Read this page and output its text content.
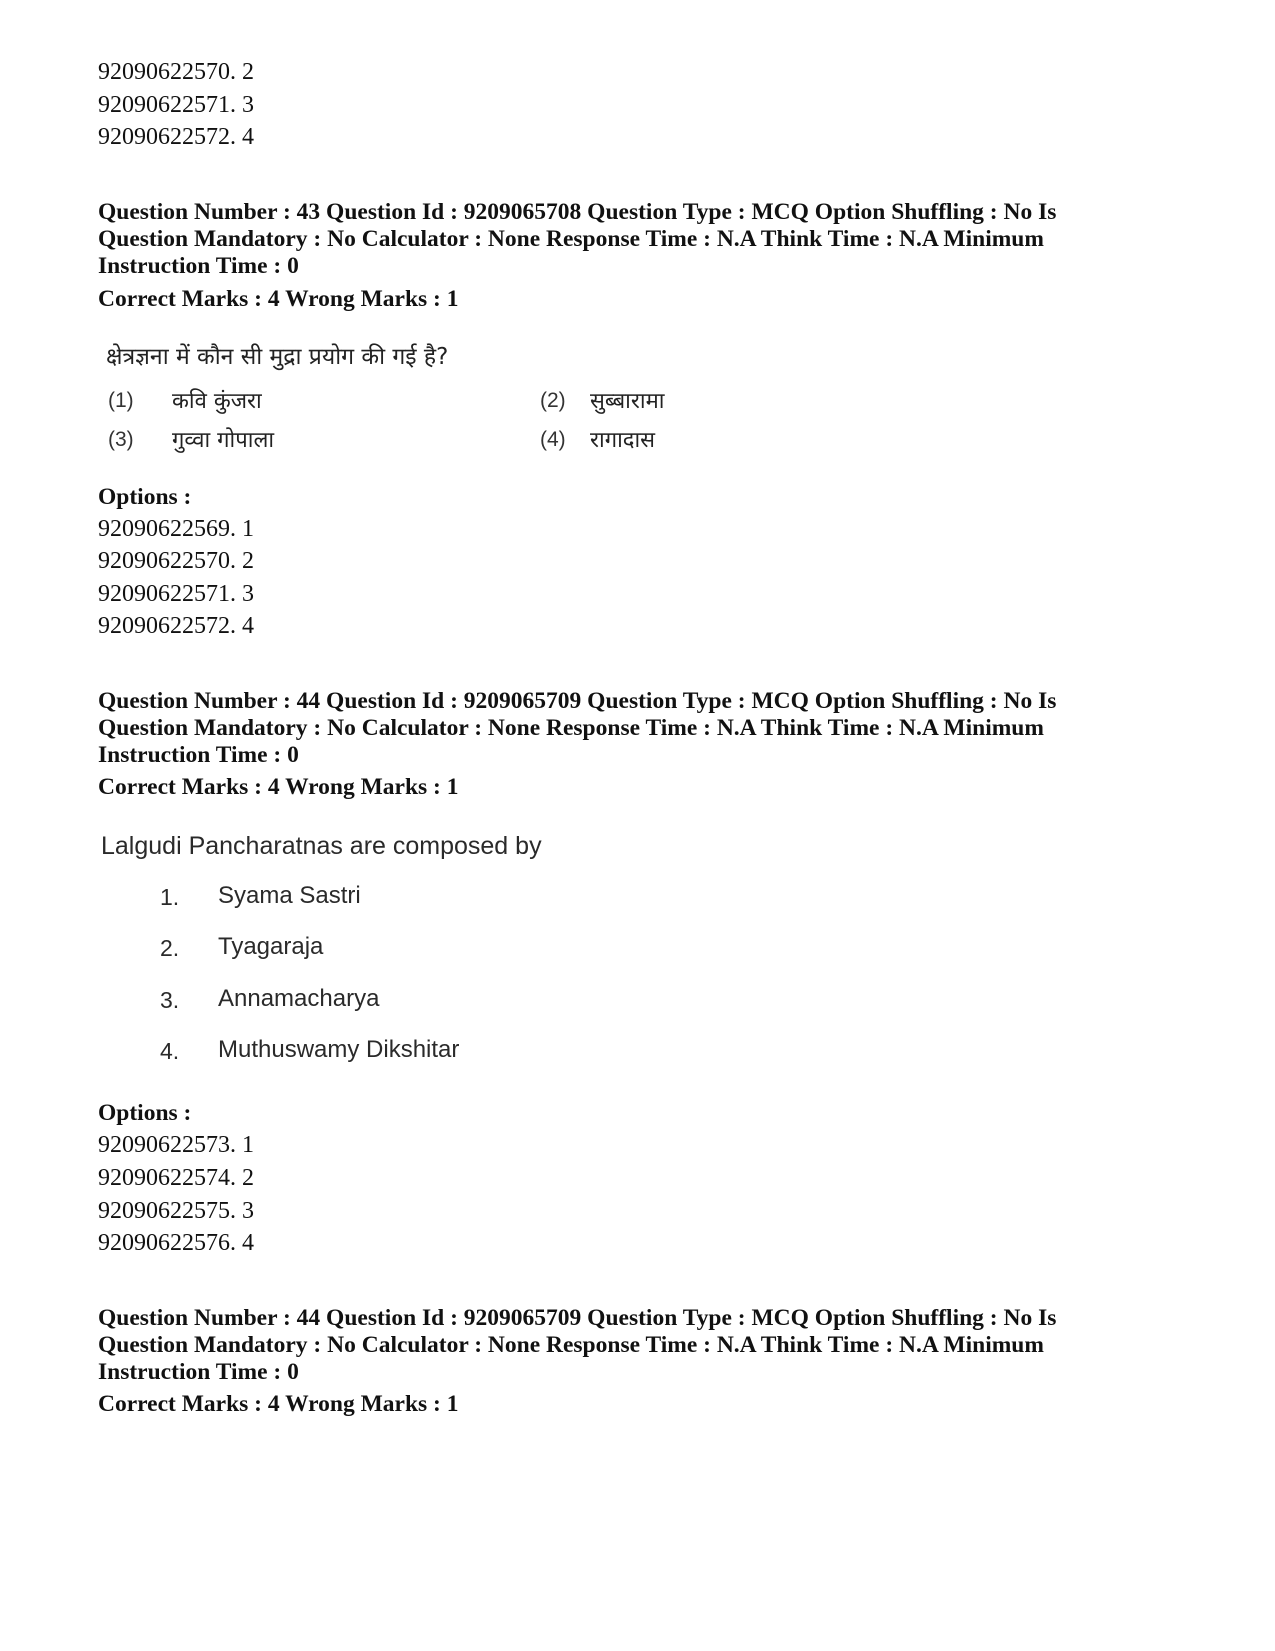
92090622570. 2
92090622571. 3
92090622572. 4
Question Number : 43 Question Id : 9209065708 Question Type : MCQ Option Shuffling : No Is
Question Mandatory : No Calculator : None Response Time : N.A Think Time : N.A Minimum
Instruction Time : 0
Correct Marks : 4 Wrong Marks : 1
क्षेत्रज्ञना में कौन सी मुद्रा प्रयोग की गई है?
(1) कवि कुंजरा	(2) सुब्बारामा
(3) गुव्वा गोपाला	(4) रागादास
Options :
92090622569. 1
92090622570. 2
92090622571. 3
92090622572. 4
Question Number : 44 Question Id : 9209065709 Question Type : MCQ Option Shuffling : No Is
Question Mandatory : No Calculator : None Response Time : N.A Think Time : N.A Minimum
Instruction Time : 0
Correct Marks : 4 Wrong Marks : 1
Lalgudi Pancharatnas are composed by
1. Syama Sastri
2. Tyagaraja
3. Annamacharya
4. Muthuswamy Dikshitar
Options :
92090622573. 1
92090622574. 2
92090622575. 3
92090622576. 4
Question Number : 44 Question Id : 9209065709 Question Type : MCQ Option Shuffling : No Is
Question Mandatory : No Calculator : None Response Time : N.A Think Time : N.A Minimum
Instruction Time : 0
Correct Marks : 4 Wrong Marks : 1
